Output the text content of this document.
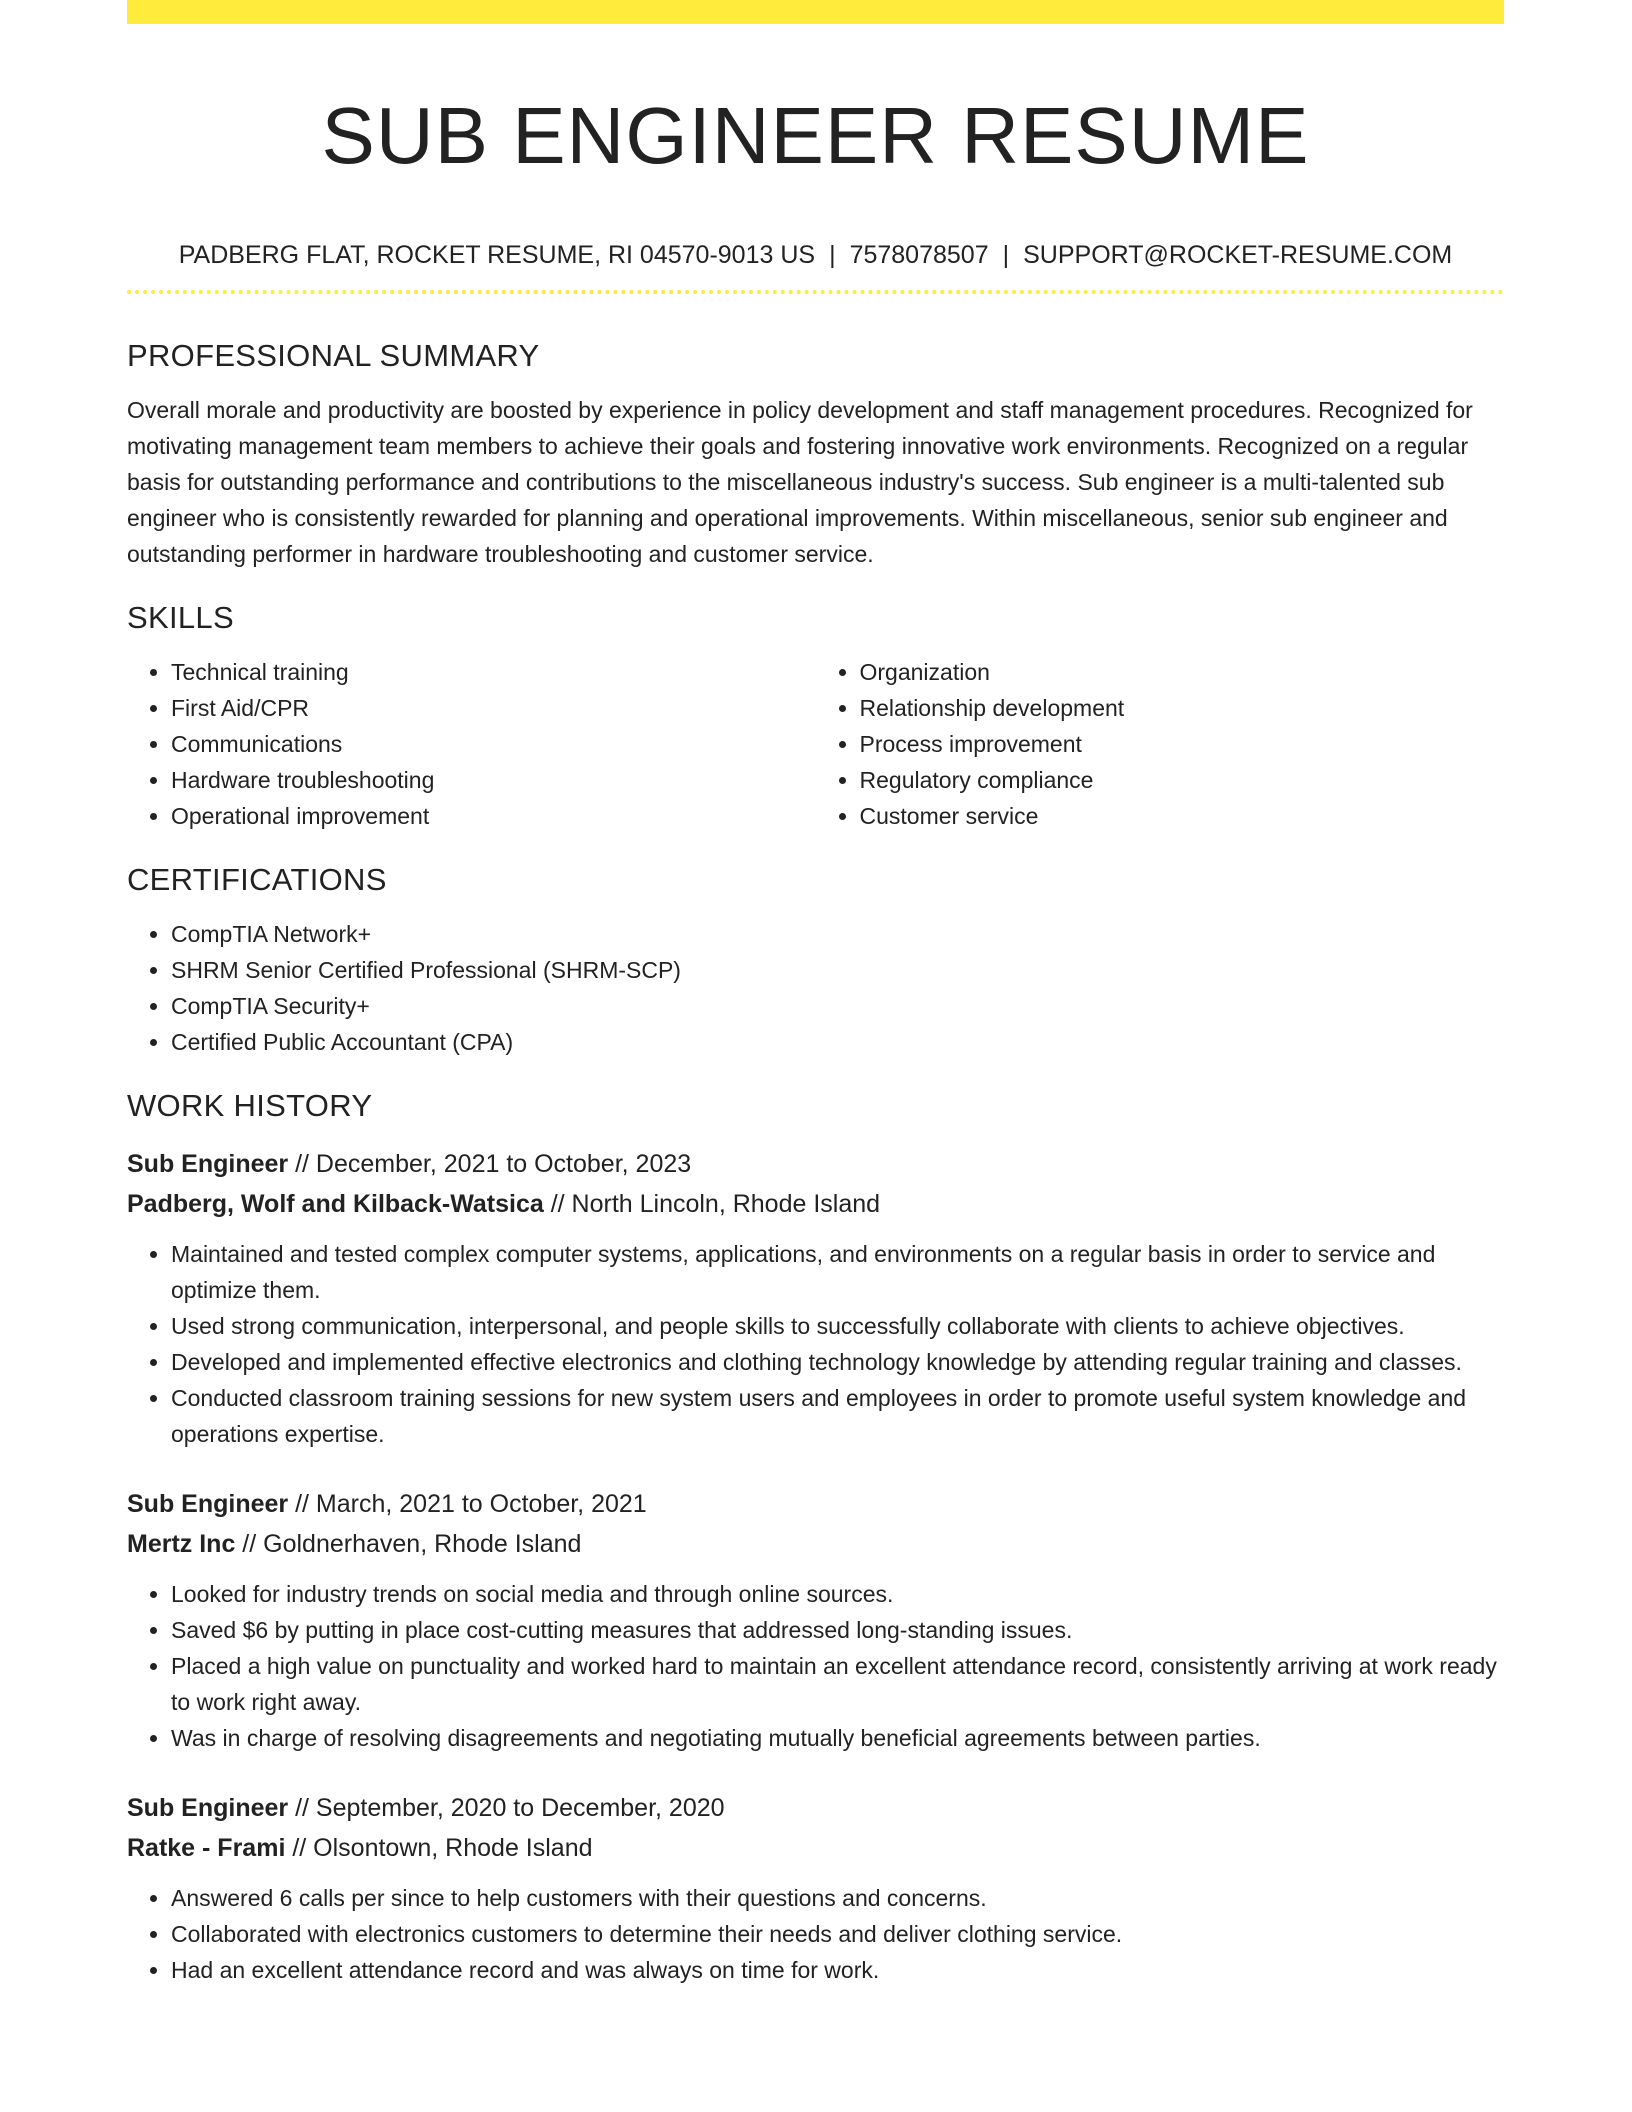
SUB ENGINEER RESUME
PADBERG FLAT, ROCKET RESUME, RI 04570-9013 US | 7578078507 | SUPPORT@ROCKET-RESUME.COM
PROFESSIONAL SUMMARY

Overall morale and productivity are boosted by experience in policy development and staff management procedures. Recognized for motivating management team members to achieve their goals and fostering innovative work environments. Recognized on a regular basis for outstanding performance and contributions to the miscellaneous industry's success. Sub engineer is a multi-talented sub engineer who is consistently rewarded for planning and operational improvements. Within miscellaneous, senior sub engineer and outstanding performer in hardware troubleshooting and customer service.

SKILLS
• Technical training
• First Aid/CPR
• Communications
• Hardware troubleshooting
• Operational improvement
• Organization
• Relationship development
• Process improvement
• Regulatory compliance
• Customer service
CERTIFICATIONS
• CompTIA Network+
• SHRM Senior Certified Professional (SHRM-SCP)
• CompTIA Security+
• Certified Public Accountant (CPA)
WORK HISTORY

Sub Engineer // December, 2021 to October, 2023

Padberg, Wolf and Kilback-Watsica // North Lincoln, Rhode Island

• Maintained and tested complex computer systems, applications, and environments on a regular basis in order to service and optimize them.
• Used strong communication, interpersonal, and people skills to successfully collaborate with clients to achieve objectives.
• Developed and implemented effective electronics and clothing technology knowledge by attending regular training and classes.
• Conducted classroom training sessions for new system users and employees in order to promote useful system knowledge and operations expertise.

Sub Engineer // March, 2021 to October, 2021

Mertz Inc // Goldnerhaven, Rhode Island

• Looked for industry trends on social media and through online sources.
• Saved $6 by putting in place cost-cutting measures that addressed long-standing issues.
• Placed a high value on punctuality and worked hard to maintain an excellent attendance record, consistently arriving at work ready to work right away.
• Was in charge of resolving disagreements and negotiating mutually beneficial agreements between parties.

Sub Engineer // September, 2020 to December, 2020

Ratke - Frami // Olsontown, Rhode Island

• Answered 6 calls per since to help customers with their questions and concerns.
• Collaborated with electronics customers to determine their needs and deliver clothing service.
• Had an excellent attendance record and was always on time for work.
